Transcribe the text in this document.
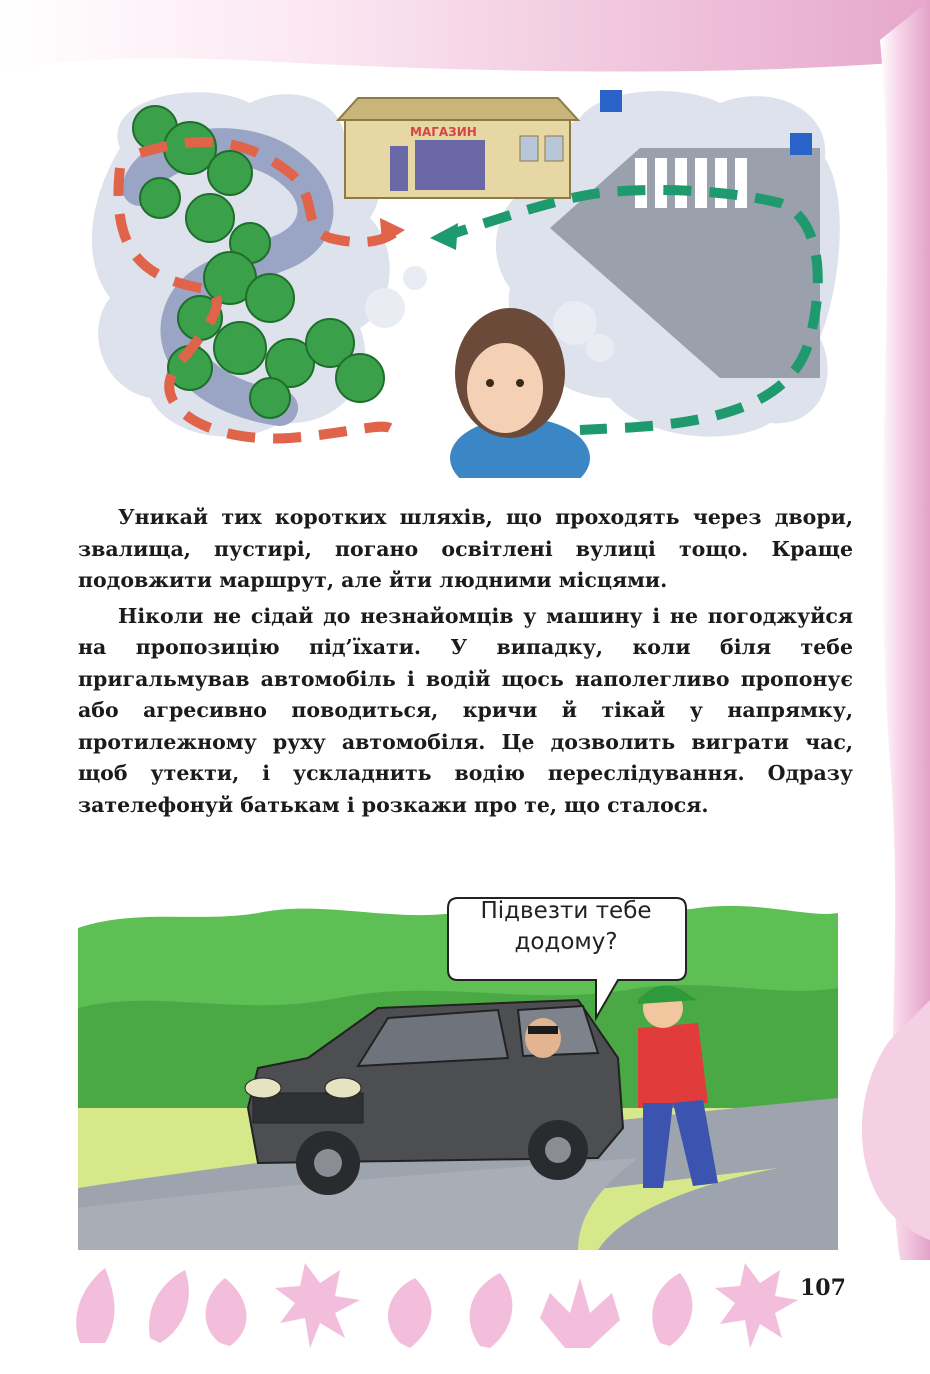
МАГАЗИН

Уникай тих коротких шляхів, що проходять через двори, звалища, пустирі, погано освітлені вулиці тощо. Краще подовжити маршрут, але йти людними місцями.

Ніколи не сідай до незнайомців у машину і не погоджуйся на пропозицію під’їхати. У випадку, коли біля тебе пригальмував автомобіль і водій щось наполегливо пропонує або агресивно поводиться, кричи й тікай у напрямку, протилежному руху автомобіля. Це дозволить виграти час, щоб утекти, і ускладнить водію переслідування. Одразу зателефонуй батькам і розкажи про те, що сталося.

Підвезти тебе
додому?
107
